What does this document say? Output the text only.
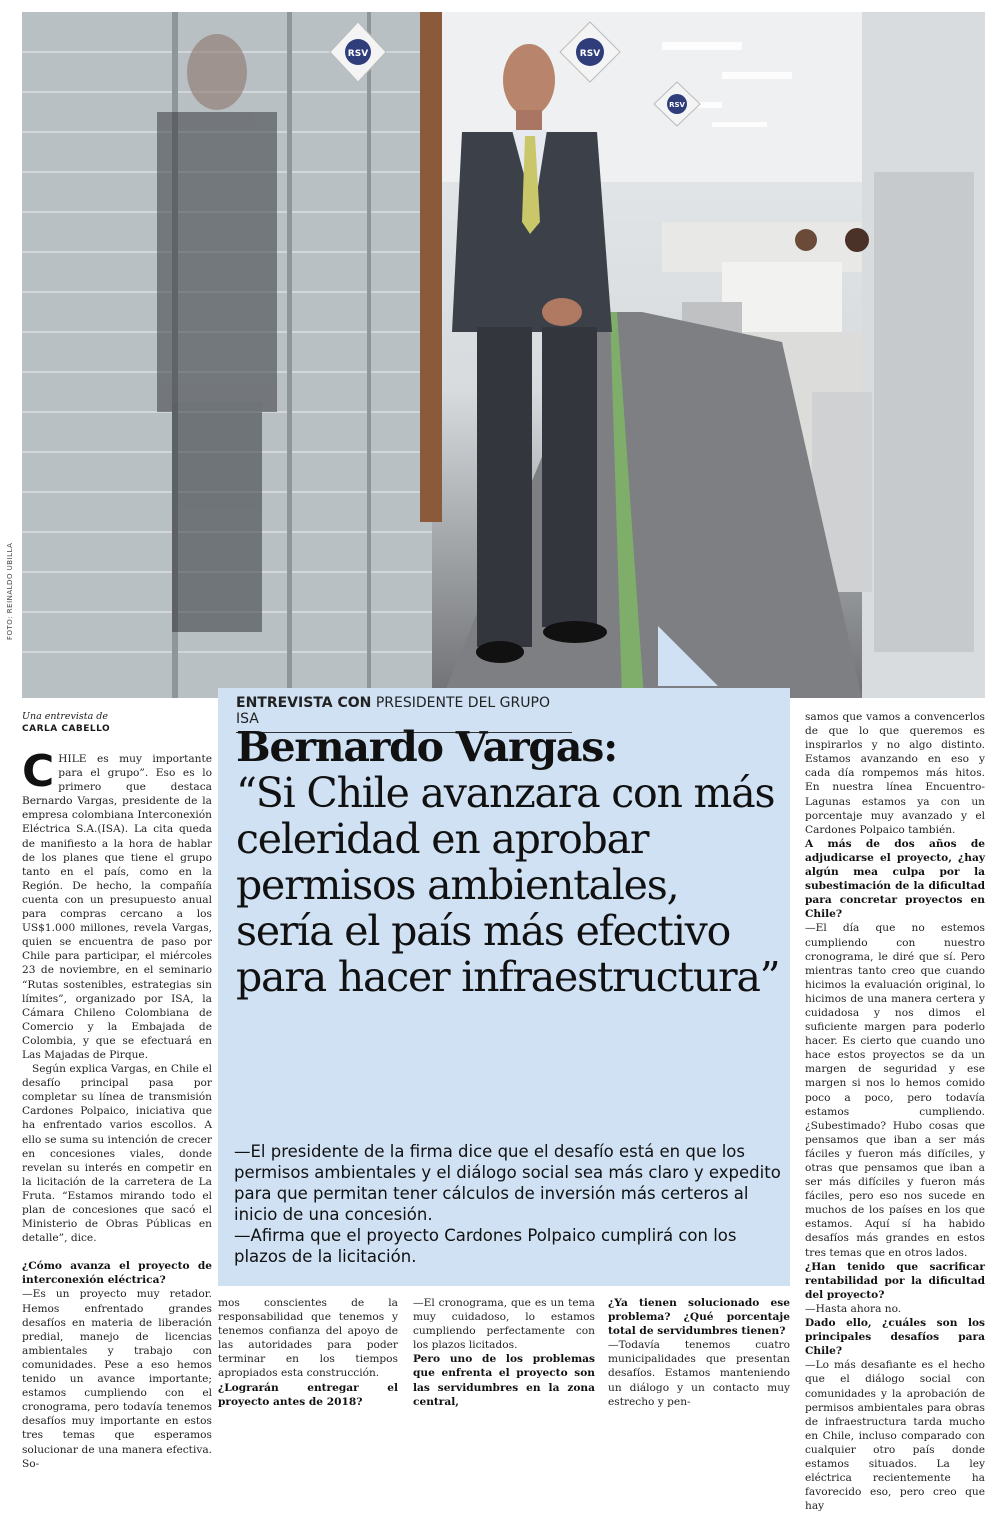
RSV	RSV
RSV
FOTO: REINALDO UBILLA
ENTREVISTA CON PRESIDENTE DEL GRUPO ISA
Bernardo Vargas:
“Si Chile avanzara con más celeridad en aprobar permisos ambientales, sería el país más efectivo para hacer infraestructura”

—El presidente de la firma dice que el desafío está en que los permisos ambientales y el diálogo social sea más claro y expedito para que permitan tener cálculos de inversión más certeros al inicio de una concesión.

—Afirma que el proyecto Cardones Polpaico cumplirá con los plazos de la licitación.

Una entrevista de
CARLA CABELLO

C HILE es muy importante para el grupo”. Eso es lo primero que destaca Bernardo Vargas, presidente de la empresa colombiana Interconexión Eléctrica S.A.(ISA). La cita queda de manifiesto a la hora de hablar de los planes que tiene el grupo tanto en el país, como en la Región. De hecho, la compañía cuenta con un presupuesto anual para compras cercano a los US$1.000 millones, revela Vargas, quien se encuentra de paso por Chile para participar, el miércoles 23 de noviembre, en el seminario “Rutas sostenibles, estrategias sin límites”, organizado por ISA, la Cámara Chileno Colombiana de Comercio y la Embajada de Colombia, y que se efectuará en Las Majadas de Pirque.

Según explica Vargas, en Chile el desafío principal pasa por completar su línea de transmisión Cardones Polpaico, iniciativa que ha enfrentado varios escollos. A ello se suma su intención de crecer en concesiones viales, donde revelan su interés en competir en la licitación de la carretera de La Fruta. “Estamos mirando todo el plan de concesiones que sacó el Ministerio de Obras Públicas en detalle”, dice.

¿Cómo avanza el proyecto de interconexión eléctrica?

—Es un proyecto muy retador. Hemos enfrentado grandes desafíos en materia de liberación predial, manejo de licencias ambientales y trabajo con comunidades. Pese a eso hemos tenido un avance importante; estamos cumpliendo con el cronograma, pero todavía tenemos desafíos muy importante en estos tres temas que esperamos solucionar de una manera efectiva. So-

mos conscientes de la responsabilidad que tenemos y tenemos confianza del apoyo de las autoridades para poder terminar en los tiempos apropiados esta construcción.

¿Lograrán entregar el proyecto antes de 2018?

—El cronograma, que es un tema muy cuidadoso, lo estamos cumpliendo perfectamente con los plazos licitados.

Pero uno de los problemas que enfrenta el proyecto son las servidumbres en la zona central,

¿Ya tienen solucionado ese problema? ¿Qué porcentaje total de servidumbres tienen?

—Todavía tenemos cuatro municipalidades que presentan desafíos. Estamos manteniendo un diálogo y un contacto muy estrecho y pen-

samos que vamos a convencerlos de que lo que queremos es inspirarlos y no algo distinto. Estamos avanzando en eso y cada día rompemos más hitos. En nuestra línea Encuentro-Lagunas estamos ya con un porcentaje muy avanzado y el Cardones Polpaico también.

A más de dos años de adjudicarse el proyecto, ¿hay algún mea culpa por la subestimación de la dificultad para concretar proyectos en Chile?

—El día que no estemos cumpliendo con nuestro cronograma, le diré que sí. Pero mientras tanto creo que cuando hicimos la evaluación original, lo hicimos de una manera certera y cuidadosa y nos dimos el suficiente margen para poderlo hacer. Es cierto que cuando uno hace estos proyectos se da un margen de seguridad y ese margen si nos lo hemos comido poco a poco, pero todavía estamos cumpliendo. ¿Subestimado? Hubo cosas que pensamos que iban a ser más fáciles y fueron más difíciles, y otras que pensamos que iban a ser más difíciles y fueron más fáciles, pero eso nos sucede en muchos de los países en los que estamos. Aquí sí ha habido desafíos más grandes en estos tres temas que en otros lados.

¿Han tenido que sacrificar rentabilidad por la dificultad del proyecto?

—Hasta ahora no.

Dado ello, ¿cuáles son los principales desafíos para Chile?

—Lo más desafiante es el hecho que el diálogo social con comunidades y la aprobación de permisos ambientales para obras de infraestructura tarda mucho en Chile, incluso comparado con cualquier otro país donde estamos situados. La ley eléctrica recientemente ha favorecido eso, pero creo que hay
